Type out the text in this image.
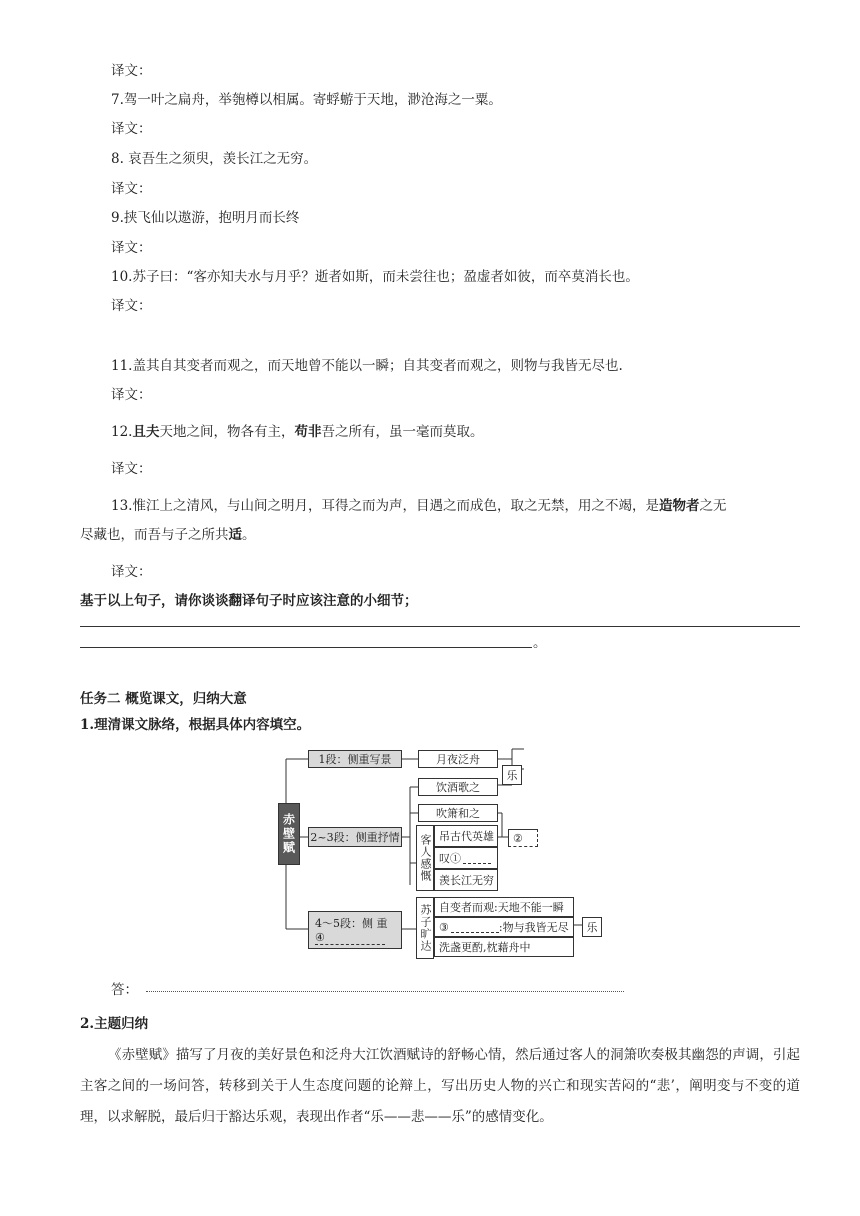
译文：
7.驾一叶之扁舟，举匏樽以相属。寄蜉蝣于天地，渺沧海之一粟。
译文：
8. 哀吾生之须臾，羡长江之无穷。
译文：
9.挟飞仙以遨游，抱明月而长终
译文：
10.苏子曰：“客亦知夫水与月乎？逝者如斯，而未尝往也；盈虚者如彼，而卒莫消长也。
译文：
11.盖其自其变者而观之，而天地曾不能以一瞬；自其变者而观之，则物与我皆无尽也.
译文：
12.且夫天地之间，物各有主，苟非吾之所有，虽一毫而莫取。
译文：
13.惟江上之清风，与山间之明月，耳得之而为声，目遇之而成色，取之无禁，用之不竭，是造物者之无
尽藏也，而吾与子之所共适。
译文：
基于以上句子，请你谈谈翻译句子时应该注意的小细节；
。
任务二 概览课文，归纳大意
1.理清课文脉络，根据具体内容填空。
赤壁赋
1段：侧重写景	月夜泛舟
乐
2~3段：侧重抒情
饮酒歌之
吹箫和之
客人感慨 吊古代英雄
叹①
羡长江无穷
②
4～5段：侧 重
④	苏子旷达 自变者而观:天地不能一瞬
③	:物与我皆无尽
洗盏更酌,枕藉舟中
乐
答：
2.主题归纳
《赤壁赋》描写了月夜的美好景色和泛舟大江饮酒赋诗的舒畅心情，然后通过客人的洞箫吹奏极其幽怨的声调，引起主客之间的一场问答，转移到关于人生态度问题的论辩上，写出历史人物的兴亡和现实苦闷的“悲’，阐明变与不变的道理，以求解脱，最后归于豁达乐观，表现出作者“乐——悲——乐”的感情变化。
